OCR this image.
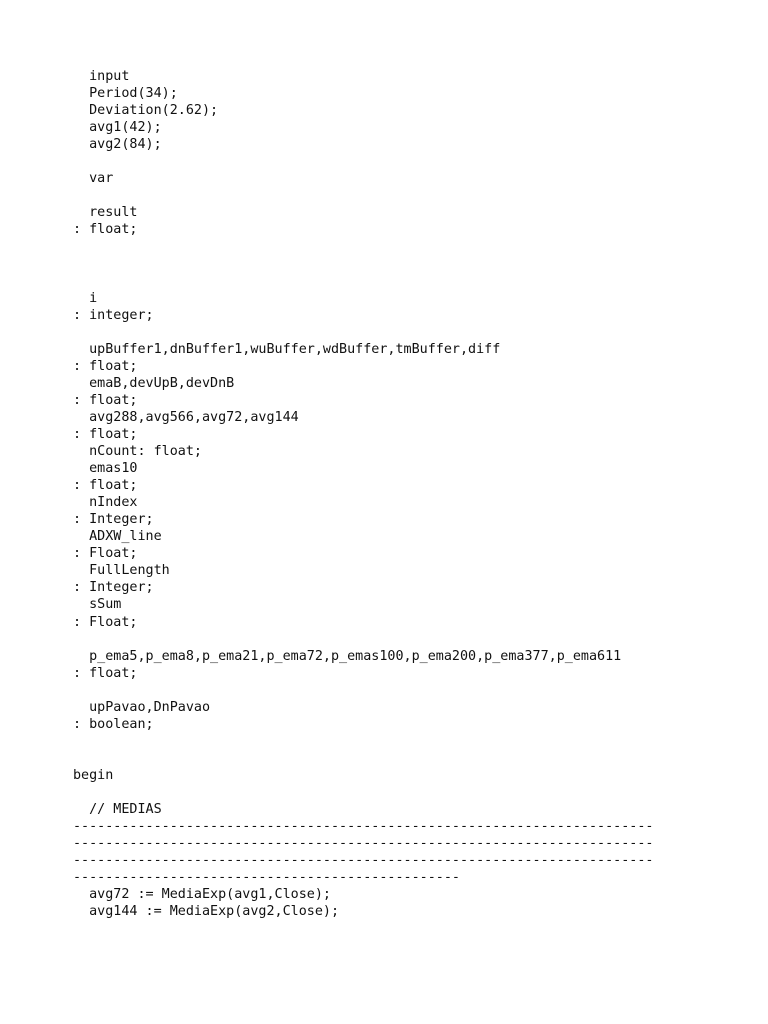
input
Period(34);
Deviation(2.62);
avg1(42);
avg2(84);

var

result
: float;

i
: integer;

upBuffer1,dnBuffer1,wuBuffer,wdBuffer,tmBuffer,diff
: float;
emaB,devUpB,devDnB
: float;
avg288,avg566,avg72,avg144
: float;
nCount: float;
emas10
: float;
nIndex
: Integer;
ADXW_line
: Float;
FullLength
: Integer;
sSum
: Float;

p_ema5,p_ema8,p_ema21,p_ema72,p_emas100,p_ema200,p_ema377,p_ema611
: float;

upPavao,DnPavao
: boolean;

begin

// MEDIAS
------------------------------------------------------------------------
------------------------------------------------------------------------
------------------------------------------------------------------------
------------------------------------------------
avg72 := MediaExp(avg1,Close);
avg144 := MediaExp(avg2,Close);
